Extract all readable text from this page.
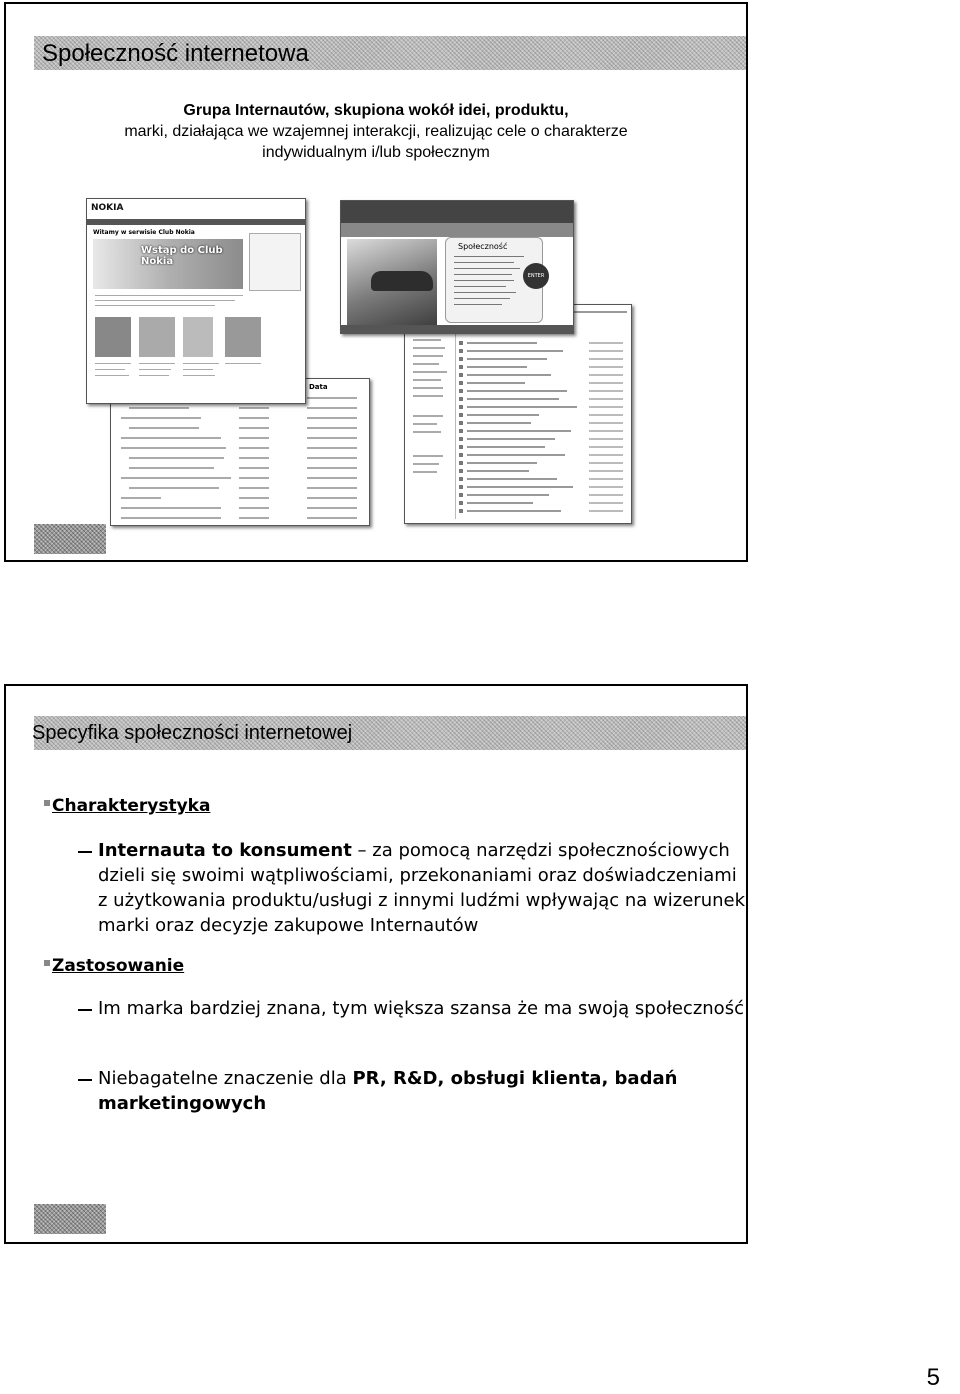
Społeczność internetowa
Grupa Internautów, skupiona wokół idei, produktu,
marki, działająca we wzajemnej interakcji, realizując cele o charakterze
indywidualnym i/lub społecznym
Data
Społeczność
ENTER
NOKIA
Witamy w serwisie Club Nokia
Wstąp do Club Nokia
Specyfika społeczności internetowej
Charakterystyka
Internauta to konsument – za pomocą narzędzi społecznościowych dzieli się swoimi wątpliwościami, przekonaniami oraz doświadczeniami z użytkowania produktu/usługi z innymi ludźmi wpływając na wizerunek marki oraz decyzje zakupowe Internautów
Zastosowanie
Im marka bardziej znana, tym większa szansa że ma swoją społeczność
Niebagatelne znaczenie dla PR, R&D, obsługi klienta, badań marketingowych
5
